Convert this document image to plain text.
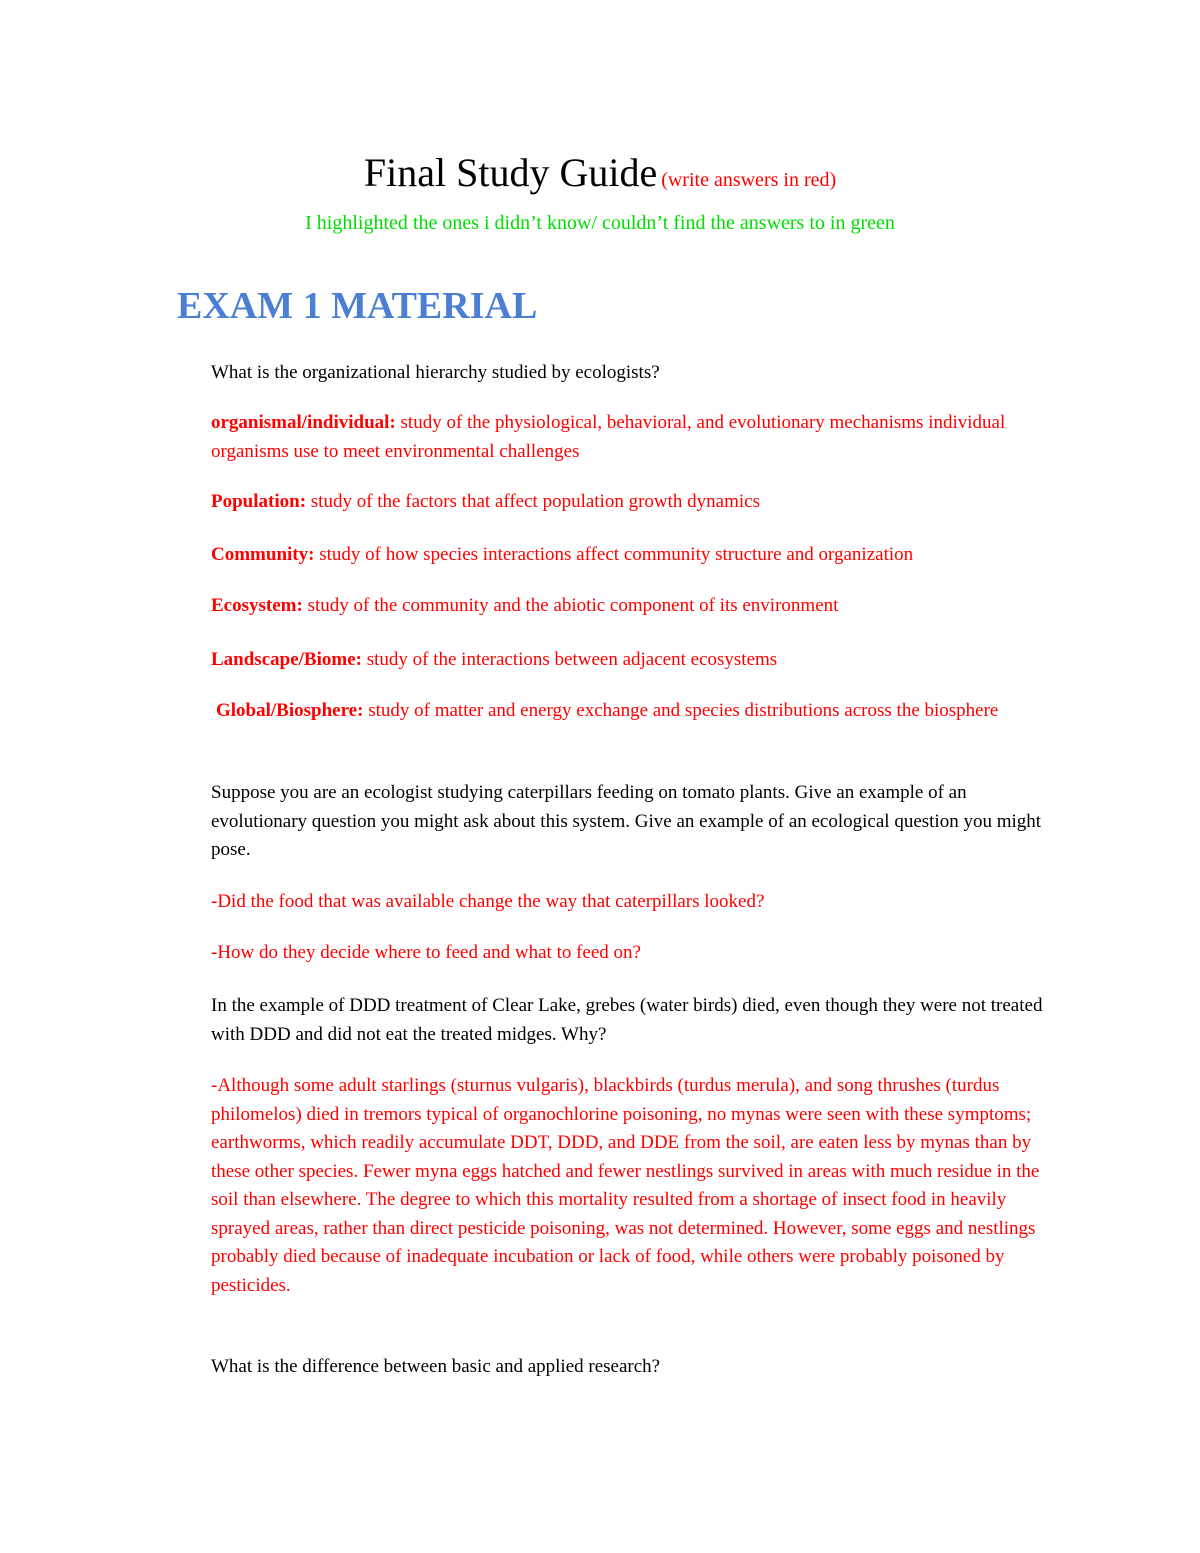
Final Study Guide (write answers in red)
I highlighted the ones i didn’t know/ couldn’t find the answers to in green
EXAM 1 MATERIAL
What is the organizational hierarchy studied by ecologists?
organismal/individual: study of the physiological, behavioral, and evolutionary mechanisms individual organisms use to meet environmental challenges
Population: study of the factors that affect population growth dynamics
Community: study of how species interactions affect community structure and organization
Ecosystem: study of the community and the abiotic component of its environment
Landscape/Biome: study of the interactions between adjacent ecosystems
Global/Biosphere: study of matter and energy exchange and species distributions across the biosphere
Suppose you are an ecologist studying caterpillars feeding on tomato plants. Give an example of an evolutionary question you might ask about this system. Give an example of an ecological question you might pose.
-Did the food that was available change the way that caterpillars looked?
-How do they decide where to feed and what to feed on?
In the example of DDD treatment of Clear Lake, grebes (water birds) died, even though they were not treated with DDD and did not eat the treated midges. Why?
-Although some adult starlings (sturnus vulgaris), blackbirds (turdus merula), and song thrushes (turdus philomelos) died in tremors typical of organochlorine poisoning, no mynas were seen with these symptoms; earthworms, which readily accumulate DDT, DDD, and DDE from the soil, are eaten less by mynas than by these other species. Fewer myna eggs hatched and fewer nestlings survived in areas with much residue in the soil than elsewhere. The degree to which this mortality resulted from a shortage of insect food in heavily sprayed areas, rather than direct pesticide poisoning, was not determined. However, some eggs and nestlings probably died because of inadequate incubation or lack of food, while others were probably poisoned by pesticides.
What is the difference between basic and applied research?
